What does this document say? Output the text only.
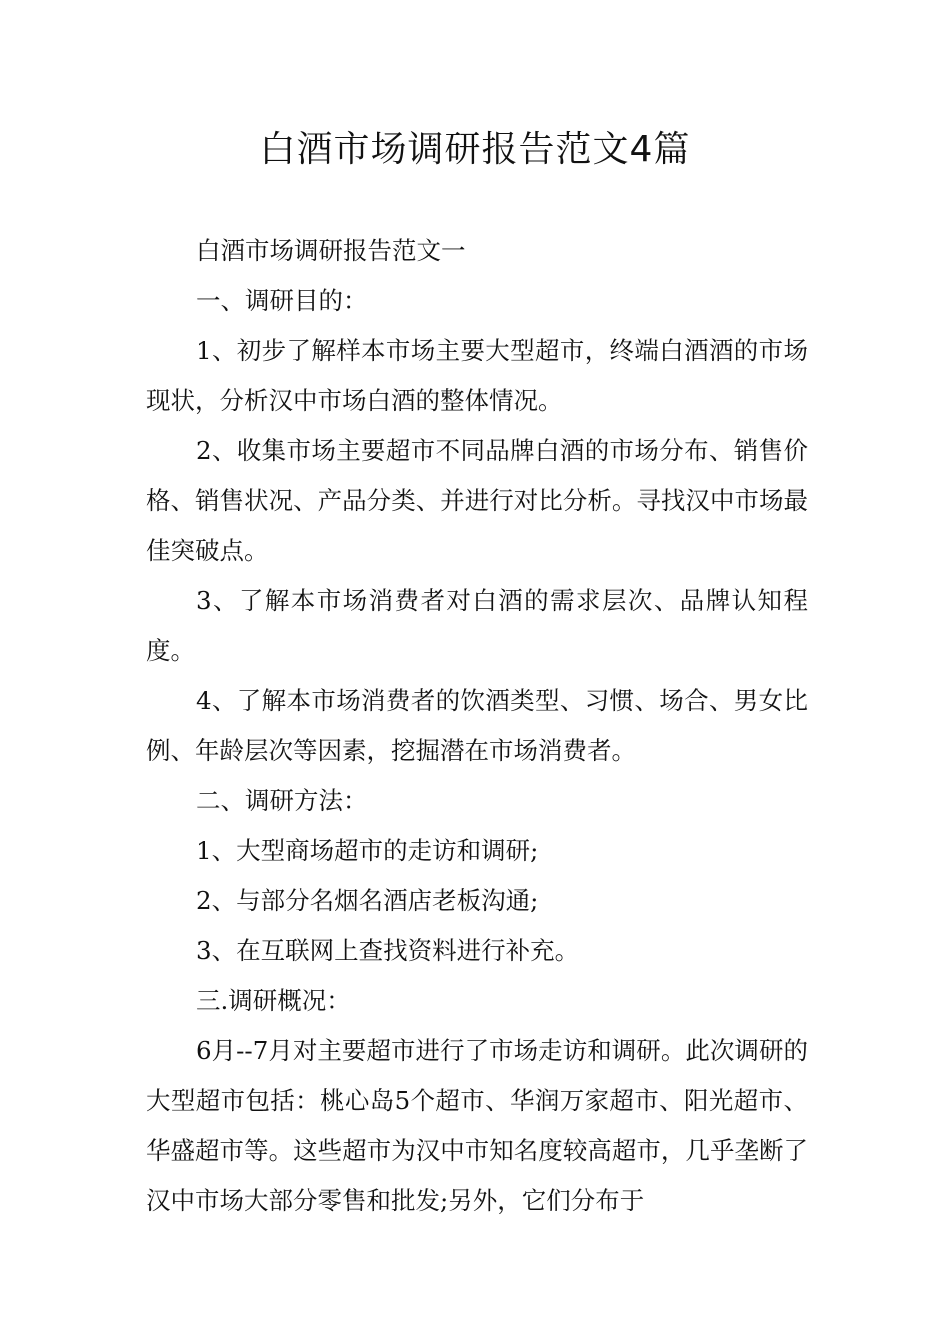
白酒市场调研报告范文4篇

白酒市场调研报告范文一

一、调研目的：

1、初步了解样本市场主要大型超市，终端白酒酒的市场现状，分析汉中市场白酒的整体情况。

2、收集市场主要超市不同品牌白酒的市场分布、销售价格、销售状况、产品分类、并进行对比分析。寻找汉中市场最佳突破点。

3、了解本市场消费者对白酒的需求层次、品牌认知程度。

4、了解本市场消费者的饮酒类型、习惯、场合、男女比例、年龄层次等因素，挖掘潜在市场消费者。

二、调研方法：

1、大型商场超市的走访和调研;

2、与部分名烟名酒店老板沟通;

3、在互联网上查找资料进行补充。

三.调研概况：

6月--7月对主要超市进行了市场走访和调研。此次调研的大型超市包括：桃心岛5个超市、华润万家超市、阳光超市、华盛超市等。这些超市为汉中市知名度较高超市，几乎垄断了汉中市场大部分零售和批发;另外，它们分布于
